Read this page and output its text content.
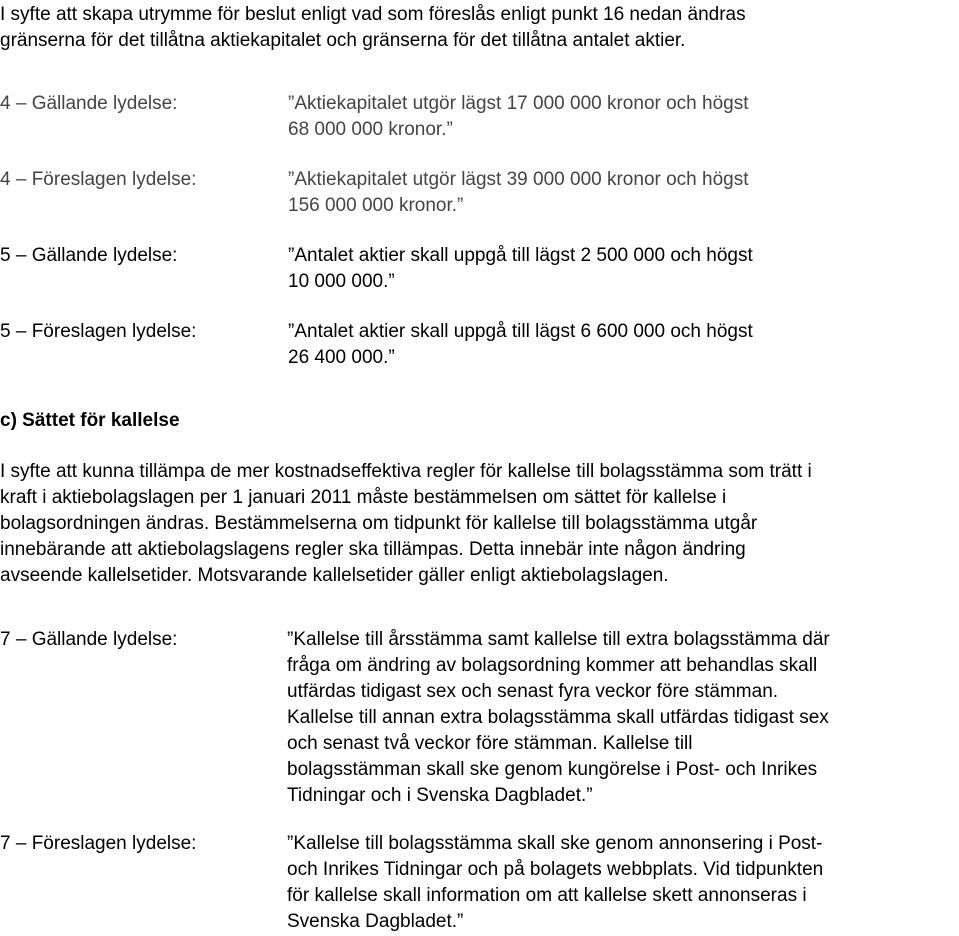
I syfte att skapa utrymme för beslut enligt vad som föreslås enligt punkt 16 nedan ändras
gränserna för det tillåtna aktiekapitalet och gränserna för det tillåtna antalet aktier.
4 – Gällande lydelse:	”Aktiekapitalet utgör lägst 17 000 000 kronor och högst
68 000 000 kronor.”
4 – Föreslagen lydelse:	”Aktiekapitalet utgör lägst 39 000 000 kronor och högst
156 000 000 kronor.”
5 – Gällande lydelse:	”Antalet aktier skall uppgå till lägst 2 500 000 och högst
10 000 000.”
5 – Föreslagen lydelse:	”Antalet aktier skall uppgå till lägst 6 600 000 och högst
26 400 000.”
c) Sättet för kallelse
I syfte att kunna tillämpa de mer kostnadseffektiva regler för kallelse till bolagsstämma som trätt i
kraft i aktiebolagslagen per 1 januari 2011 måste bestämmelsen om sättet för kallelse i
bolagsordningen ändras. Bestämmelserna om tidpunkt för kallelse till bolagsstämma utgår
innebärande att aktiebolagslagens regler ska tillämpas. Detta innebär inte någon ändring
avseende kallelsetider. Motsvarande kallelsetider gäller enligt aktiebolagslagen.
7 – Gällande lydelse:	”Kallelse till årsstämma samt kallelse till extra bolagsstämma där
fråga om ändring av bolagsordning kommer att behandlas skall
utfärdas tidigast sex och senast fyra veckor före stämman.
Kallelse till annan extra bolagsstämma skall utfärdas tidigast sex
och senast två veckor före stämman. Kallelse till
bolagsstämman skall ske genom kungörelse i Post- och Inrikes
Tidningar och i Svenska Dagbladet.”
7 – Föreslagen lydelse:	”Kallelse till bolagsstämma skall ske genom annonsering i Post-
och Inrikes Tidningar och på bolagets webbplats. Vid tidpunkten
för kallelse skall information om att kallelse skett annonseras i
Svenska Dagbladet.”
